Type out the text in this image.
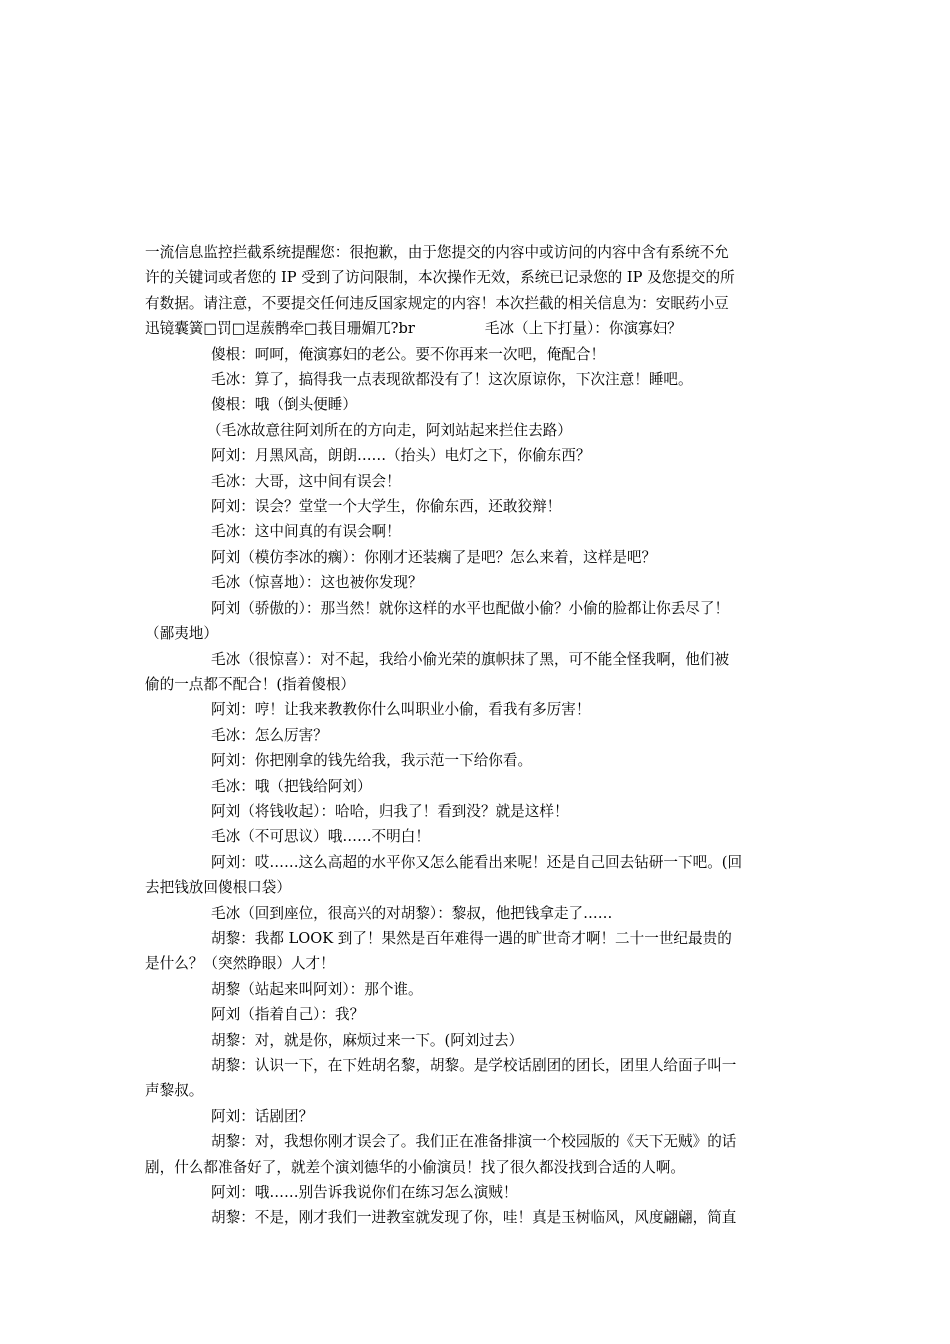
一流信息监控拦截系统提醒您：很抱歉，由于您提交的内容中或访问的内容中含有系统不允
许的关键词或者您的 IP 受到了访问限制，本次操作无效，系统已记录您的 IP 及您提交的所
有数据。请注意，不要提交任何违反国家规定的内容！本次拦截的相关信息为：安眠药小豆
迅镜囊簧□罚□逞蔟鹘牵□莪目珊媚兀?br	毛冰（上下打量）：你演寡妇？
傻根：呵呵，俺演寡妇的老公。要不你再来一次吧，俺配合！
毛冰：算了，搞得我一点表现欲都没有了！这次原谅你，下次注意！睡吧。
傻根：哦（倒头便睡）
（毛冰故意往阿刘所在的方向走，阿刘站起来拦住去路）
阿刘：月黑风高，朗朗……（抬头）电灯之下，你偷东西？
毛冰：大哥，这中间有误会！
阿刘：误会？堂堂一个大学生，你偷东西，还敢狡辩！
毛冰：这中间真的有误会啊！
阿刘（模仿李冰的瘸）：你刚才还装瘸了是吧？怎么来着，这样是吧？
毛冰（惊喜地）：这也被你发现？
阿刘（骄傲的）：那当然！就你这样的水平也配做小偷？小偷的脸都让你丢尽了！
（鄙夷地）
毛冰（很惊喜）：对不起，我给小偷光荣的旗帜抹了黑，可不能全怪我啊，他们被
偷的一点都不配合！(指着傻根）
阿刘：哼！让我来教教你什么叫职业小偷，看我有多厉害！
毛冰：怎么厉害？
阿刘：你把刚拿的钱先给我，我示范一下给你看。
毛冰：哦（把钱给阿刘）
阿刘（将钱收起）：哈哈，归我了！看到没？就是这样！
毛冰（不可思议）哦……不明白！
阿刘：哎……这么高超的水平你又怎么能看出来呢！还是自己回去钻研一下吧。(回
去把钱放回傻根口袋）
毛冰（回到座位，很高兴的对胡黎）：黎叔，他把钱拿走了……
胡黎：我都 LOOK 到了！果然是百年难得一遇的旷世奇才啊！二十一世纪最贵的
是什么？（突然睁眼）人才！
胡黎（站起来叫阿刘）：那个谁。
阿刘（指着自己）：我？
胡黎：对，就是你，麻烦过来一下。(阿刘过去）
胡黎：认识一下，在下姓胡名黎，胡黎。是学校话剧团的团长，团里人给面子叫一
声黎叔。
阿刘：话剧团？
胡黎：对，我想你刚才误会了。我们正在准备排演一个校园版的《天下无贼》的话
剧，什么都准备好了，就差个演刘德华的小偷演员！找了很久都没找到合适的人啊。
阿刘：哦……别告诉我说你们在练习怎么演贼！
胡黎：不是，刚才我们一进教室就发现了你，哇！真是玉树临风，风度翩翩，简直
